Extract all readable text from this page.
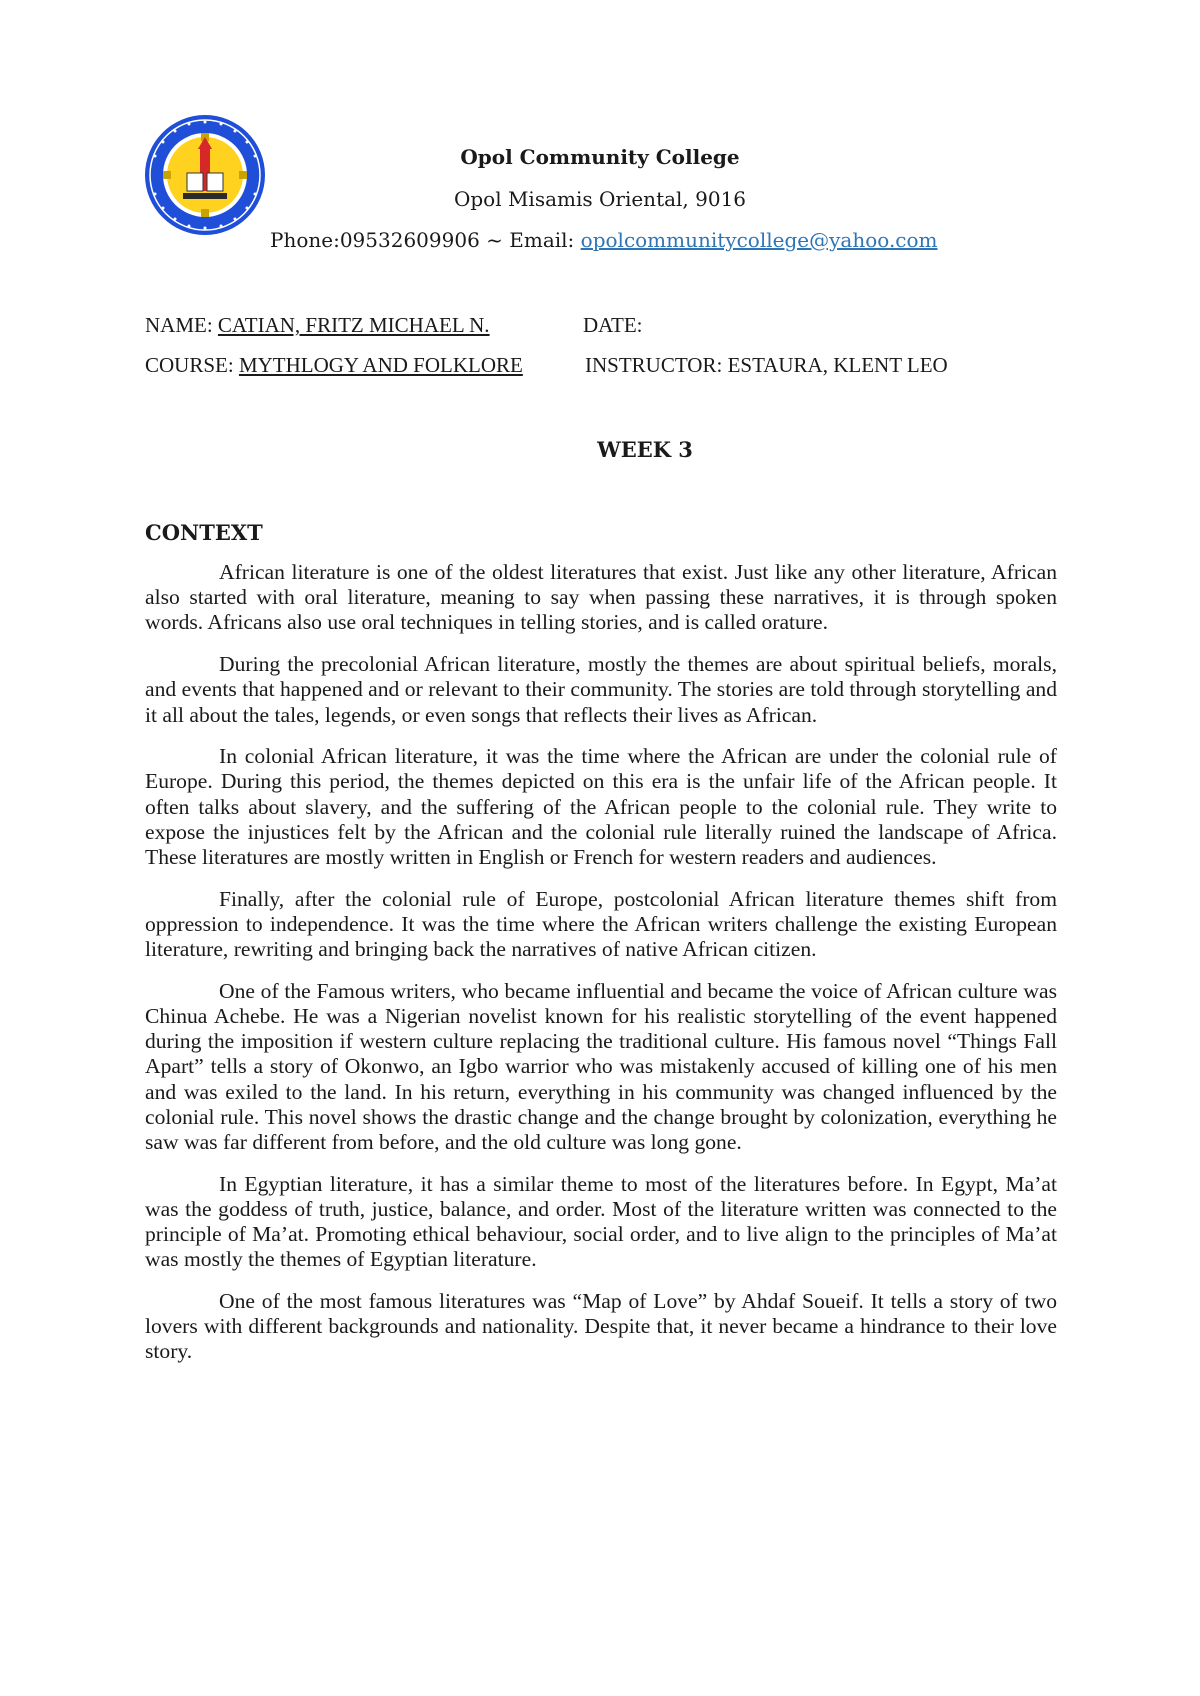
Opol Community College
Opol Misamis Oriental, 9016
Phone:09532609906 ~ Email: opolcommunitycollege@yahoo.com
NAME: CATIAN, FRITZ MICHAEL N.	DATE:
COURSE: MYTHLOGY AND FOLKLORE	INSTRUCTOR: ESTAURA, KLENT LEO
WEEK 3
CONTEXT

African literature is one of the oldest literatures that exist. Just like any other literature, African also started with oral literature, meaning to say when passing these narratives, it is through spoken words. Africans also use oral techniques in telling stories, and is called orature.

During the precolonial African literature, mostly the themes are about spiritual beliefs, morals, and events that happened and or relevant to their community. The stories are told through storytelling and it all about the tales, legends, or even songs that reflects their lives as African.

In colonial African literature, it was the time where the African are under the colonial rule of Europe. During this period, the themes depicted on this era is the unfair life of the African people. It often talks about slavery, and the suffering of the African people to the colonial rule. They write to expose the injustices felt by the African and the colonial rule literally ruined the landscape of Africa. These literatures are mostly written in English or French for western readers and audiences.

Finally, after the colonial rule of Europe, postcolonial African literature themes shift from oppression to independence. It was the time where the African writers challenge the existing European literature, rewriting and bringing back the narratives of native African citizen.

One of the Famous writers, who became influential and became the voice of African culture was Chinua Achebe. He was a Nigerian novelist known for his realistic storytelling of the event happened during the imposition if western culture replacing the traditional culture. His famous novel “Things Fall Apart” tells a story of Okonwo, an Igbo warrior who was mistakenly accused of killing one of his men and was exiled to the land. In his return, everything in his community was changed influenced by the colonial rule. This novel shows the drastic change and the change brought by colonization, everything he saw was far different from before, and the old culture was long gone.

In Egyptian literature, it has a similar theme to most of the literatures before. In Egypt, Ma’at was the goddess of truth, justice, balance, and order. Most of the literature written was connected to the principle of Ma’at. Promoting ethical behaviour, social order, and to live align to the principles of Ma’at was mostly the themes of Egyptian literature.

One of the most famous literatures was “Map of Love” by Ahdaf Soueif. It tells a story of two lovers with different backgrounds and nationality. Despite that, it never became a hindrance to their love story.
